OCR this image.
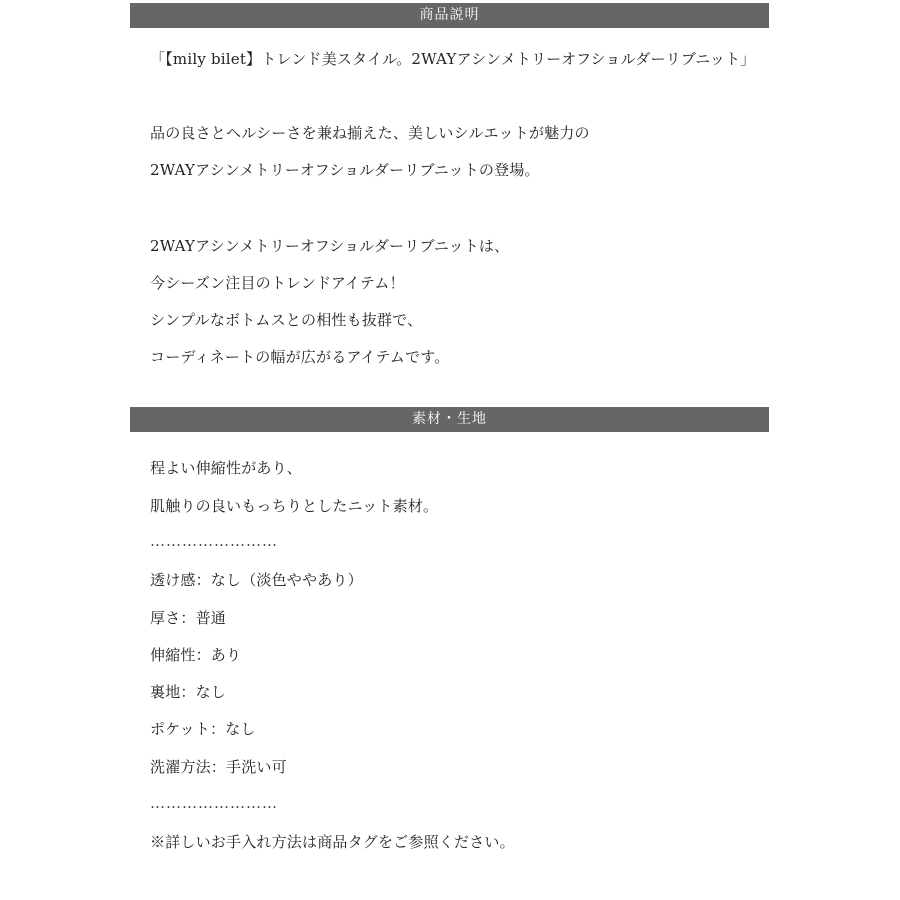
商品説明
「【mily bilet】トレンド美スタイル。2WAYアシンメトリーオフショルダーリブニット」
品の良さとヘルシーさを兼ね揃えた、美しいシルエットが魅力の
2WAYアシンメトリーオフショルダーリブニットの登場。
2WAYアシンメトリーオフショルダーリブニットは、
今シーズン注目のトレンドアイテム！
シンプルなボトムスとの相性も抜群で、
コーディネートの幅が広がるアイテムです。
素材・生地
程よい伸縮性があり、
肌触りの良いもっちりとしたニット素材。
……………………
透け感：なし（淡色ややあり）
厚さ：普通
伸縮性：あり
裏地：なし
ポケット：なし
洗濯方法：手洗い可
……………………
※詳しいお手入れ方法は商品タグをご参照ください。
